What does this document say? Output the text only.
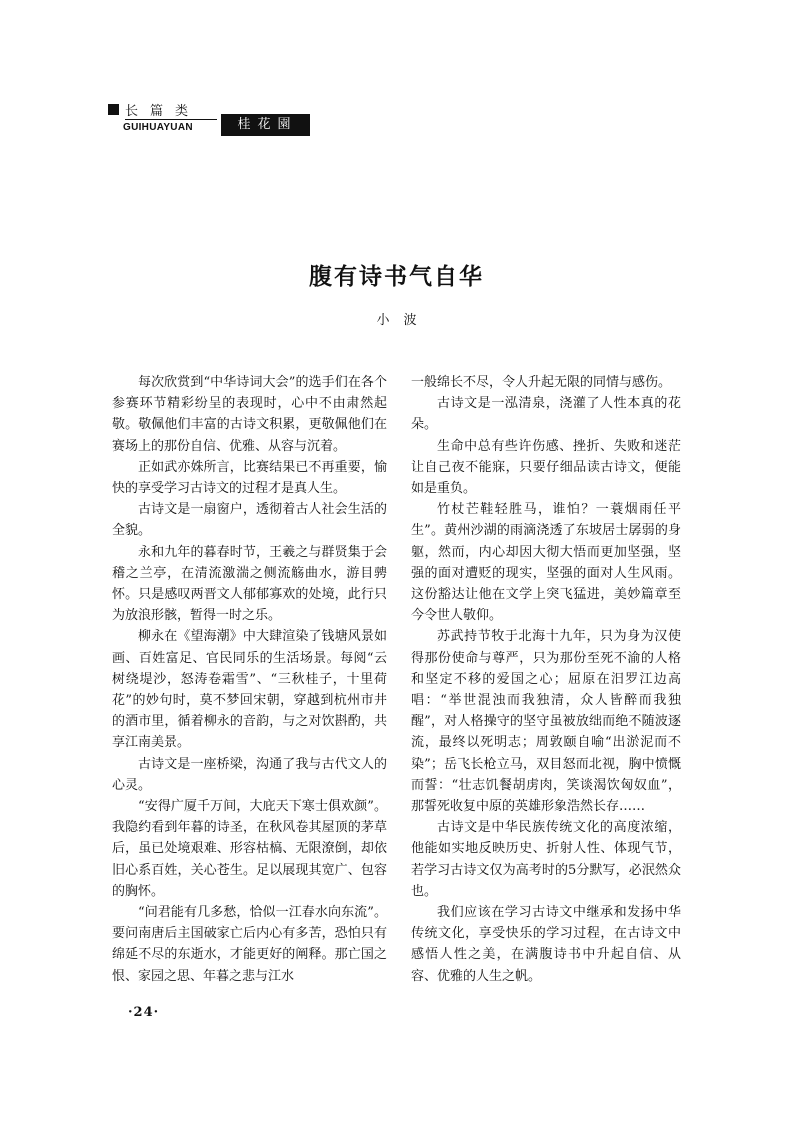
长篇类
GUIHUAYUAN	桂花園
腹有诗书气自华
小波

每次欣赏到“中华诗词大会”的选手们在各个参赛环节精彩纷呈的表现时，心中不由肃然起敬。敬佩他们丰富的古诗文积累，更敬佩他们在赛场上的那份自信、优雅、从容与沉着。

正如武亦姝所言，比赛结果已不再重要，愉快的享受学习古诗文的过程才是真人生。

古诗文是一扇窗户，透彻着古人社会生活的全貌。

永和九年的暮春时节，王羲之与群贤集于会稽之兰亭，在清流激湍之侧流觞曲水，游目骋怀。只是感叹两晋文人郁郁寡欢的处境，此行只为放浪形骸，暂得一时之乐。

柳永在《望海潮》中大肆渲染了钱塘风景如画、百姓富足、官民同乐的生活场景。每阅“云树绕堤沙，怒涛卷霜雪”、“三秋桂子，十里荷花”的妙句时，莫不梦回宋朝，穿越到杭州市井的酒市里，循着柳永的音韵，与之对饮斟酌，共享江南美景。

古诗文是一座桥梁，沟通了我与古代文人的心灵。

“安得广厦千万间，大庇天下寒士俱欢颜”。我隐约看到年暮的诗圣，在秋风卷其屋顶的茅草后，虽已处境艰难、形容枯槁、无限潦倒，却依旧心系百姓，关心苍生。足以展现其宽广、包容的胸怀。

“问君能有几多愁，恰似一江春水向东流”。要问南唐后主国破家亡后内心有多苦，恐怕只有绵延不尽的东逝水，才能更好的阐释。那亡国之恨、家园之思、年暮之悲与江水

一般绵长不尽，令人升起无限的同情与感伤。

古诗文是一泓清泉，浇灌了人性本真的花朵。

生命中总有些许伤感、挫折、失败和迷茫让自己夜不能寐，只要仔细品读古诗文，便能如是重负。

竹杖芒鞋轻胜马，谁怕？一蓑烟雨任平生”。黄州沙湖的雨滴浇透了东坡居士孱弱的身躯，然而，内心却因大彻大悟而更加坚强，坚强的面对遭贬的现实，坚强的面对人生风雨。这份豁达让他在文学上突飞猛进，美妙篇章至今令世人敬仰。

苏武持节牧于北海十九年，只为身为汉使得那份使命与尊严，只为那份至死不渝的人格和坚定不移的爱国之心；屈原在汨罗江边高唱：“举世混浊而我独清，众人皆醉而我独醒”，对人格操守的坚守虽被放绌而绝不随波逐流，最终以死明志；周敦颐自喻“出淤泥而不染”；岳飞长枪立马，双目怒而北视，胸中愤慨而誓：“壮志饥餐胡虏肉，笑谈渴饮匈奴血”，那誓死收复中原的英雄形象浩然长存……

古诗文是中华民族传统文化的高度浓缩，他能如实地反映历史、折射人性、体现气节，若学习古诗文仅为高考时的5分默写，必泯然众也。

我们应该在学习古诗文中继承和发扬中华传统文化，享受快乐的学习过程，在古诗文中感悟人性之美，在满腹诗书中升起自信、从容、优雅的人生之帆。

·24·
